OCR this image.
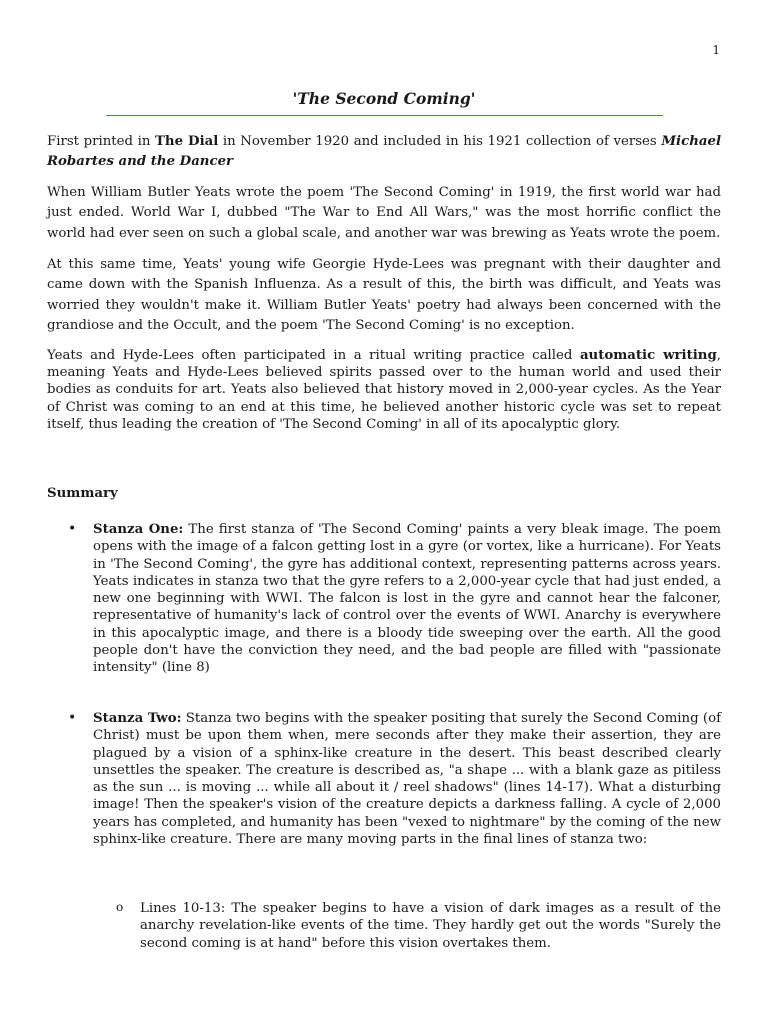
1
'The Second Coming'

First printed in The Dial in November 1920 and included in his 1921 collection of verses Michael Robartes and the Dancer

When William Butler Yeats wrote the poem 'The Second Coming' in 1919, the first world war had just ended. World War I, dubbed "The War to End All Wars," was the most horrific conflict the world had ever seen on such a global scale, and another war was brewing as Yeats wrote the poem.

At this same time, Yeats' young wife Georgie Hyde-Lees was pregnant with their daughter and came down with the Spanish Influenza. As a result of this, the birth was difficult, and Yeats was worried they wouldn't make it. William Butler Yeats' poetry had always been concerned with the grandiose and the Occult, and the poem 'The Second Coming' is no exception.

Yeats and Hyde-Lees often participated in a ritual writing practice called automatic writing, meaning Yeats and Hyde-Lees believed spirits passed over to the human world and used their bodies as conduits for art. Yeats also believed that history moved in 2,000-year cycles. As the Year of Christ was coming to an end at this time, he believed another historic cycle was set to repeat itself, thus leading the creation of 'The Second Coming' in all of its apocalyptic glory.

Summary

• Stanza One: The first stanza of 'The Second Coming' paints a very bleak image. The poem opens with the image of a falcon getting lost in a gyre (or vortex, like a hurricane). For Yeats in 'The Second Coming', the gyre has additional context, representing patterns across years. Yeats indicates in stanza two that the gyre refers to a 2,000-year cycle that had just ended, a new one beginning with WWI. The falcon is lost in the gyre and cannot hear the falconer, representative of humanity's lack of control over the events of WWI. Anarchy is everywhere in this apocalyptic image, and there is a bloody tide sweeping over the earth. All the good people don't have the conviction they need, and the bad people are filled with "passionate intensity" (line 8)

• Stanza Two: Stanza two begins with the speaker positing that surely the Second Coming (of Christ) must be upon them when, mere seconds after they make their assertion, they are plagued by a vision of a sphinx-like creature in the desert. This beast described clearly unsettles the speaker. The creature is described as, "a shape ... with a blank gaze as pitiless as the sun ... is moving ... while all about it / reel shadows" (lines 14-17). What a disturbing image! Then the speaker's vision of the creature depicts a darkness falling. A cycle of 2,000 years has completed, and humanity has been "vexed to nightmare" by the coming of the new sphinx-like creature. There are many moving parts in the final lines of stanza two:

o Lines 10-13: The speaker begins to have a vision of dark images as a result of the anarchy revelation-like events of the time. They hardly get out the words "Surely the second coming is at hand" before this vision overtakes them.
